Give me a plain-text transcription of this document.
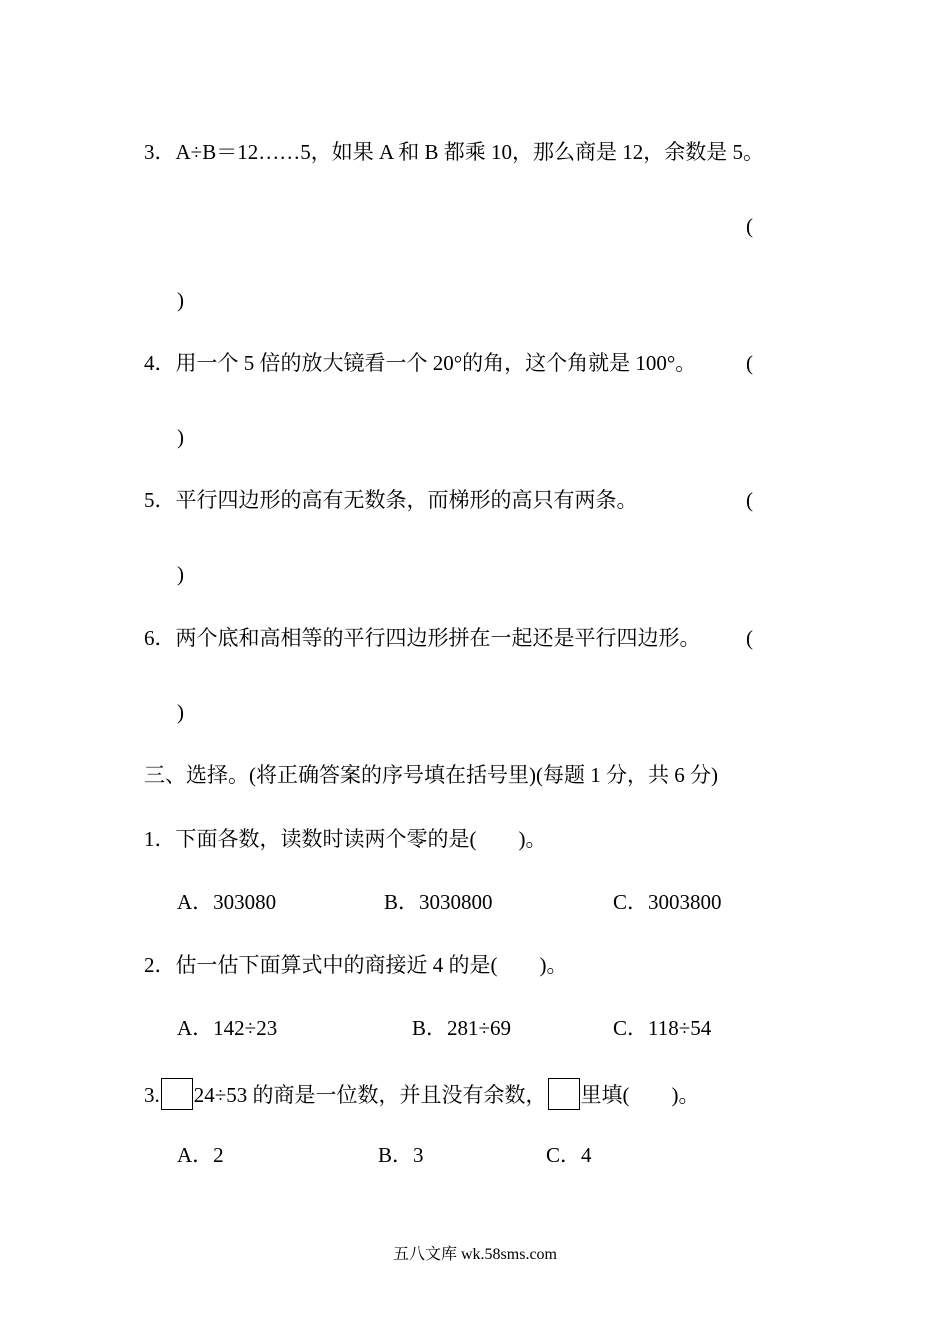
3．A÷B＝12……5，如果 A 和 B 都乘 10，那么商是 12，余数是 5。
(
)
4．用一个 5 倍的放大镜看一个 20°的角，这个角就是 100°。 (
)
5．平行四边形的高有无数条，而梯形的高只有两条。	(
)
6．两个底和高相等的平行四边形拼在一起还是平行四边形。 (
)
三、选择。(将正确答案的序号填在括号里)(每题 1 分，共 6 分)
1．下面各数，读数时读两个零的是(　　)。
A．303080	B．3030800	C．3003800
2．估一估下面算式中的商接近 4 的是(　　)。
A．142÷23	B．281÷69	C．118÷54
3. 24÷53 的商是一位数，并且没有余数， 里填(　　)。
A．2	B．3	C．4
五八文库 wk.58sms.com
